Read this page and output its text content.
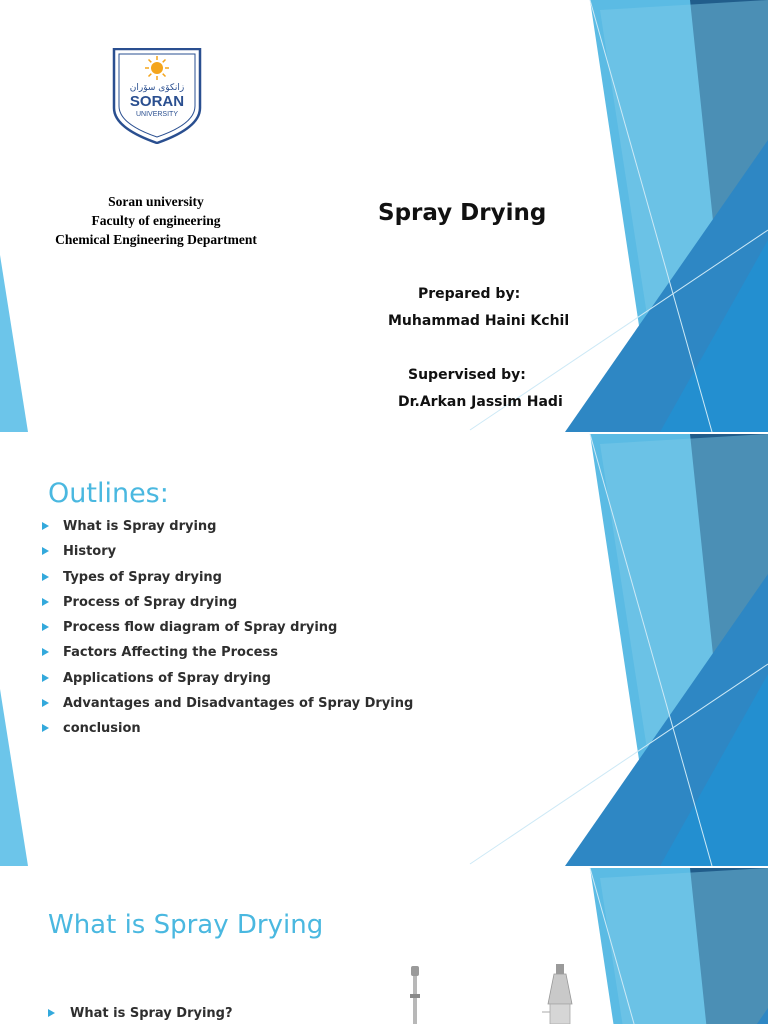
زانكۆی سۆران
SORAN
UNIVERSITY
Soran university
Faculty of engineering
Chemical Engineering Department
Spray Drying
Prepared by:
Muhammad Haini Kchil
Supervised by:
Dr.Arkan Jassim Hadi
Outlines:
What is Spray drying
History
Types of Spray drying
Process of Spray drying
Process flow diagram of Spray drying
Factors Affecting the Process
Applications of Spray drying
Advantages and Disadvantages of Spray Drying
conclusion
What is Spray Drying
What is Spray Drying?
